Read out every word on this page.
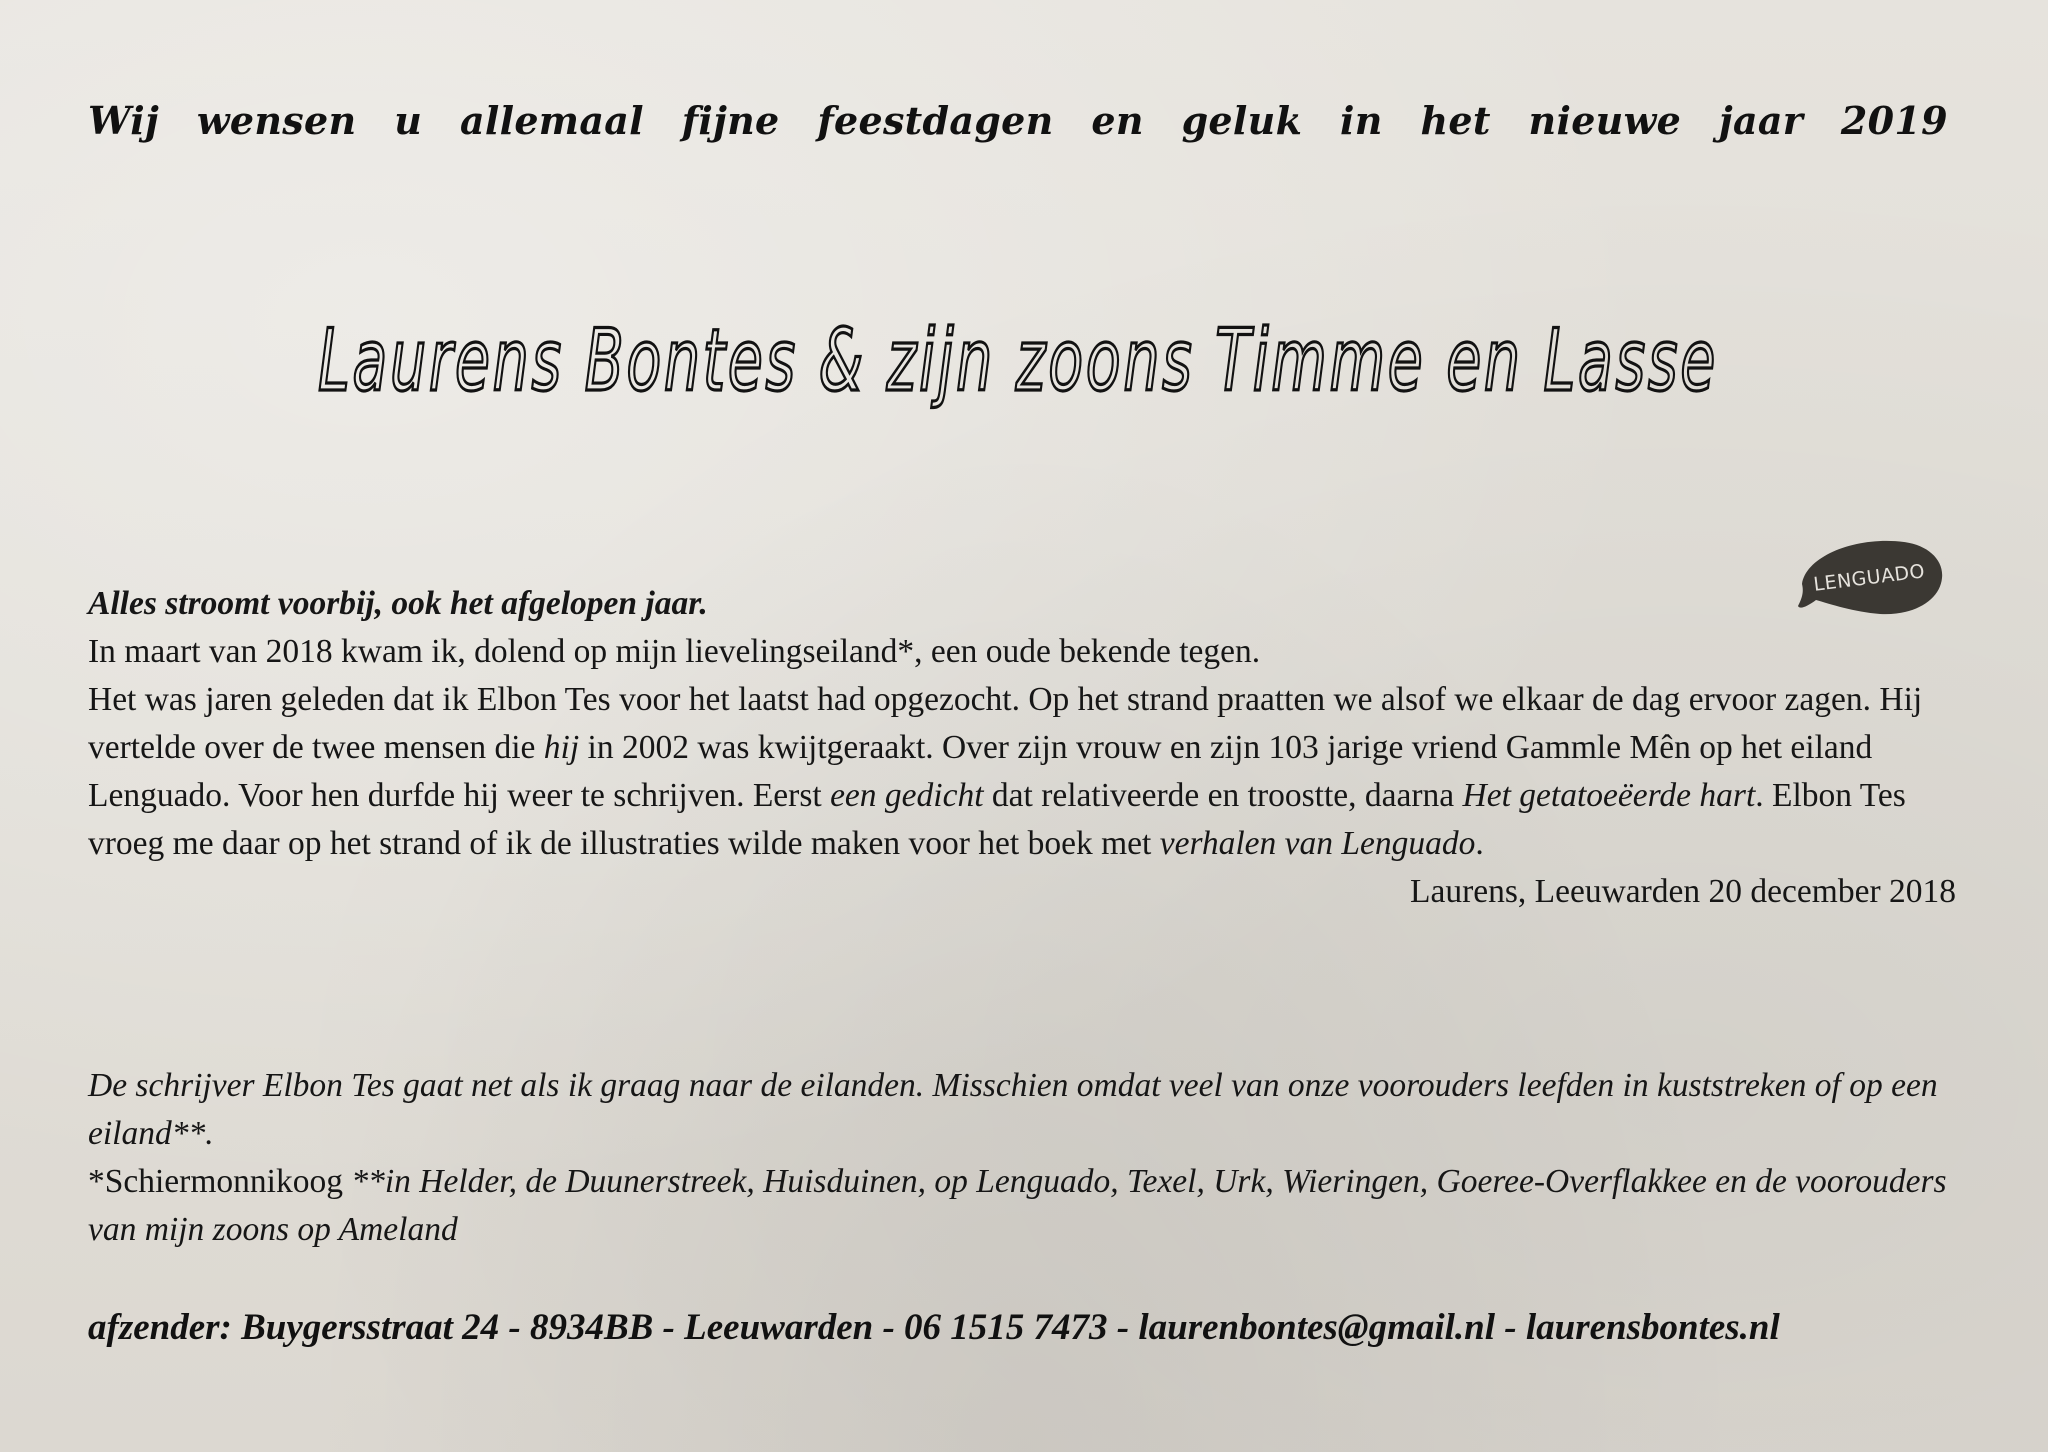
Wij wensen u allemaal fijne feestdagen en geluk in het nieuwe jaar 2019
Laurens Bontes & zijn zoons Timme en Lasse
LENGUADO

Alles stroomt voorbij, ook het afgelopen jaar.

In maart van 2018 kwam ik, dolend op mijn lievelingseiland*, een oude bekende tegen.

Het was jaren geleden dat ik Elbon Tes voor het laatst had opgezocht. Op het strand praatten we alsof we elkaar de dag ervoor zagen. Hij vertelde over de twee mensen die hij in 2002 was kwijtgeraakt. Over zijn vrouw en zijn 103 jarige vriend Gammle Mên op het eiland Lenguado. Voor hen durfde hij weer te schrijven. Eerst een gedicht dat relativeerde en troostte, daarna Het getatoeëerde hart. Elbon Tes vroeg me daar op het strand of ik de illustraties wilde maken voor het boek met verhalen van Lenguado.

Laurens, Leeuwarden 20 december 2018

De schrijver Elbon Tes gaat net als ik graag naar de eilanden. Misschien omdat veel van onze voorouders leefden in kuststreken of op een eiland**.

*Schiermonnikoog **in Helder, de Duunerstreek, Huisduinen, op Lenguado, Texel, Urk, Wieringen, Goeree-Overflakkee en de voorouders van mijn zoons op Ameland

afzender: Buygersstraat 24 - 8934BB - Leeuwarden - 06 1515 7473 - laurenbontes@gmail.nl - laurensbontes.nl
